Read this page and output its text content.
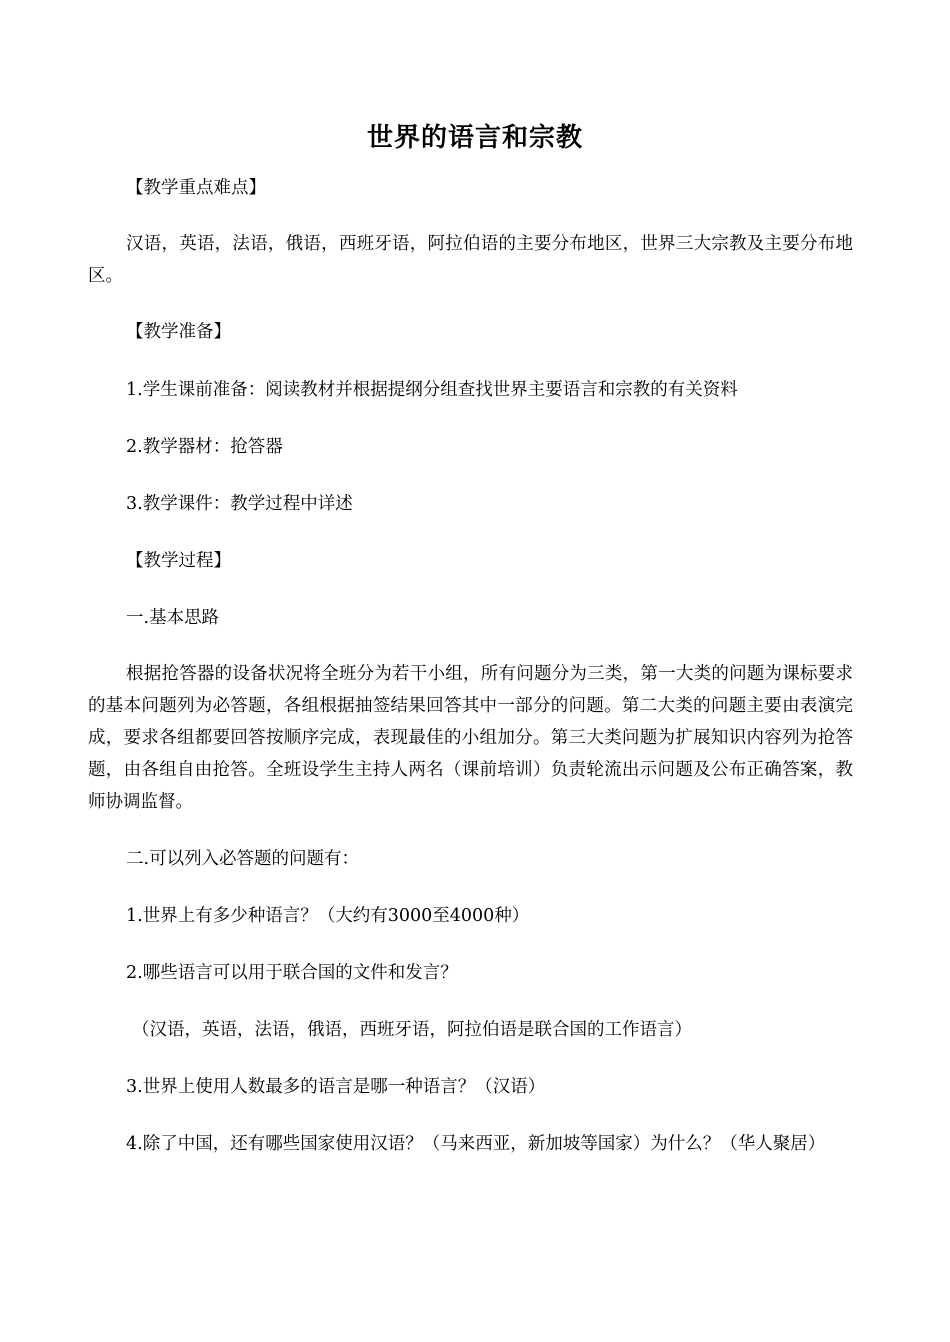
世界的语言和宗教
【教学重点难点】
汉语，英语，法语，俄语，西班牙语，阿拉伯语的主要分布地区，世界三大宗教及主要分布地区。
【教学准备】
1.学生课前准备：阅读教材并根据提纲分组查找世界主要语言和宗教的有关资料
2.教学器材：抢答器
3.教学课件：教学过程中详述
【教学过程】
一.基本思路
根据抢答器的设备状况将全班分为若干小组，所有问题分为三类，第一大类的问题为课标要求的基本问题列为必答题，各组根据抽签结果回答其中一部分的问题。第二大类的问题主要由表演完成，要求各组都要回答按顺序完成，表现最佳的小组加分。第三大类问题为扩展知识内容列为抢答题，由各组自由抢答。全班设学生主持人两名（课前培训）负责轮流出示问题及公布正确答案，教师协调监督。
二.可以列入必答题的问题有：
1.世界上有多少种语言？（大约有3000至4000种）
2.哪些语言可以用于联合国的文件和发言？
（汉语，英语，法语，俄语，西班牙语，阿拉伯语是联合国的工作语言）
3.世界上使用人数最多的语言是哪一种语言？（汉语）
4.除了中国，还有哪些国家使用汉语？（马来西亚，新加坡等国家）为什么？（华人聚居）
